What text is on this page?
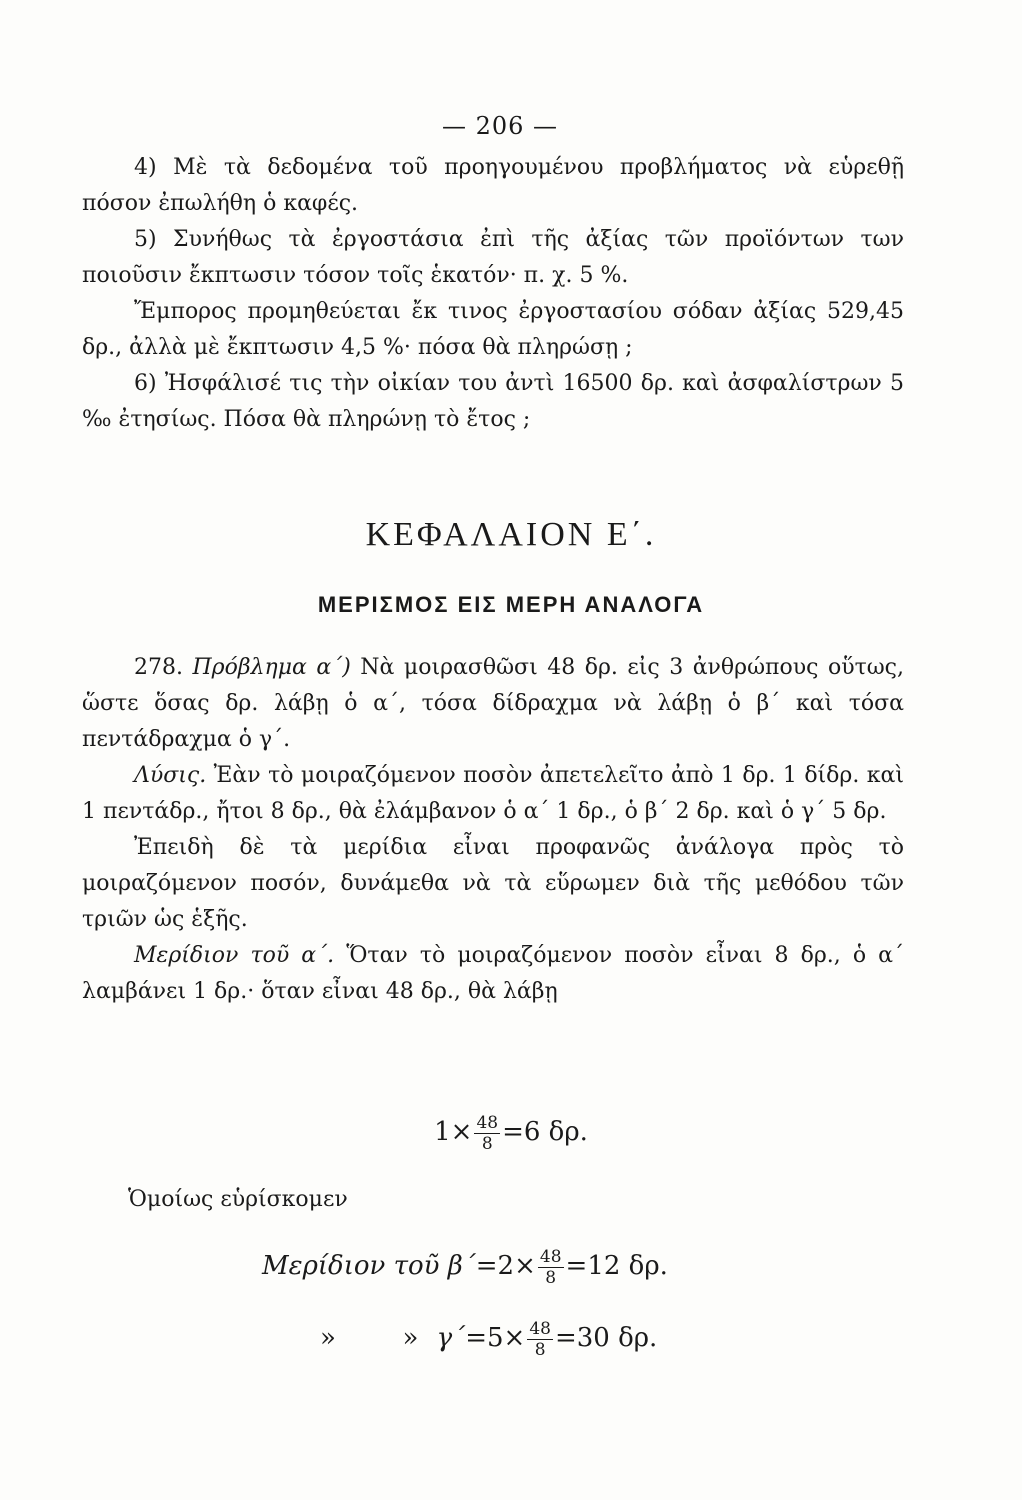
— 206 —

4) Μὲ τὰ δεδομένα τοῦ προηγουμένου προβλήματος νὰ εὑρεθῇ πόσον ἐπωλήθη ὁ καφές.

5) Συνήθως τὰ ἐργοστάσια ἐπὶ τῆς ἀξίας τῶν προϊόντων των ποιοῦσιν ἔκπτωσιν τόσον τοῖς ἑκατόν· π. χ. 5 %.

Ἔμπορος προμηθεύεται ἔκ τινος ἐργοστασίου σόδαν ἀξίας 529,45 δρ., ἀλλὰ μὲ ἔκπτωσιν 4,5 %· πόσα θὰ πληρώσῃ ;

6) Ἠσφάλισέ τις τὴν οἰκίαν του ἀντὶ 16500 δρ. καὶ ἀσφαλίστρων 5 ‰ ἐτησίως. Πόσα θὰ πληρώνῃ τὸ ἔτος ;

ΚΕΦΑΛΑΙΟΝ Ε΄.
ΜΕΡΙΣΜΟΣ ΕΙΣ ΜΕΡΗ ΑΝΑΛΟΓΑ

278. Πρόβλημα α΄) Νὰ μοιρασθῶσι 48 δρ. εἰς 3 ἀνθρώπους οὕτως, ὥστε ὅσας δρ. λάβῃ ὁ α΄, τόσα δίδραχμα νὰ λάβῃ ὁ β΄ καὶ τόσα πεντάδραχμα ὁ γ΄.

Λύσις. Ἐὰν τὸ μοιραζόμενον ποσὸν ἀπετελεῖτο ἀπὸ 1 δρ. 1 δίδρ. καὶ 1 πεντάδρ., ἤτοι 8 δρ., θὰ ἐλάμβανον ὁ α΄ 1 δρ., ὁ β΄ 2 δρ. καὶ ὁ γ΄ 5 δρ.

Ἐπειδὴ δὲ τὰ μερίδια εἶναι προφανῶς ἀνάλογα πρὸς τὸ μοιραζόμενον ποσόν, δυνάμεθα νὰ τὰ εὕρωμεν διὰ τῆς μεθόδου τῶν τριῶν ὡς ἑξῆς.

Μερίδιον τοῦ α΄. Ὅταν τὸ μοιραζόμενον ποσὸν εἶναι 8 δρ., ὁ α΄ λαμβάνει 1 δρ.· ὅταν εἶναι 48 δρ., θὰ λάβῃ

$1\times \frac{48}{8} =6$ δρ.

Ὁμοίως εὑρίσκομεν

Μερίδιον τοῦ $\beta΄=2\times \frac{48}{8} =12$ δρ.
»	» $\gamma΄=5\times \frac{48}{8} =30$ δρ.
